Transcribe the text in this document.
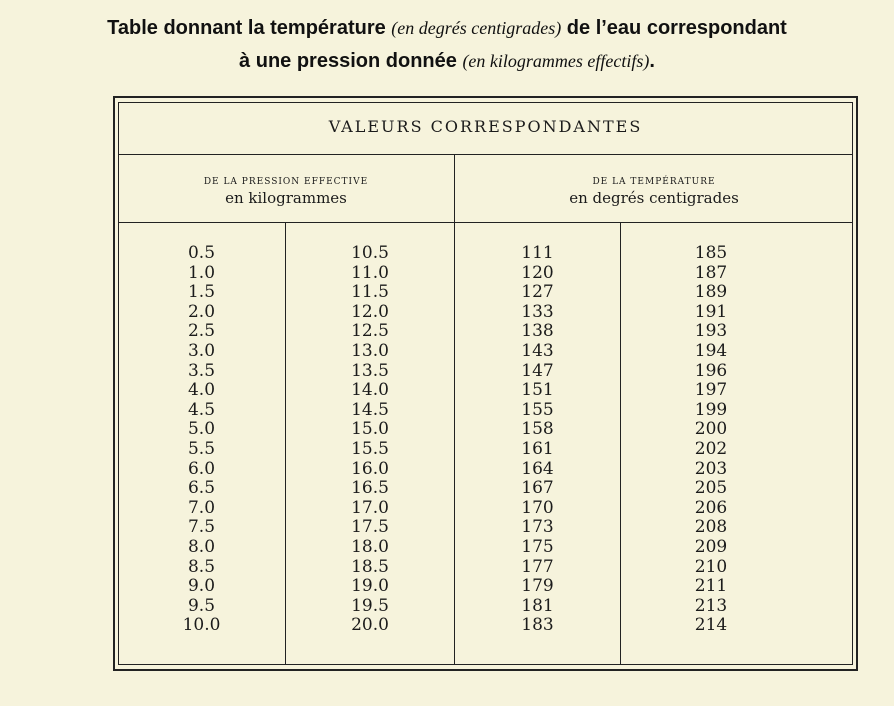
Table donnant la température (en degrés centigrades) de l’eau correspondant
à une pression donnée (en kilogrammes effectifs).
VALEURS CORRESPONDANTES
DE LA PRESSION EFFECTIVE
en kilogrammes
DE LA TEMPÉRATURE
en degrés centigrades
0.5
1.0
1.5
2.0
2.5
3.0
3.5
4.0
4.5
5.0
5.5
6.0
6.5
7.0
7.5
8.0
8.5
9.0
9.5
10.0
10.5
11.0
11.5
12.0
12.5
13.0
13.5
14.0
14.5
15.0
15.5
16.0
16.5
17.0
17.5
18.0
18.5
19.0
19.5
20.0
111
120
127
133
138
143
147
151
155
158
161
164
167
170
173
175
177
179
181
183
185
187
189
191
193
194
196
197
199
200
202
203
205
206
208
209
210
211
213
214
